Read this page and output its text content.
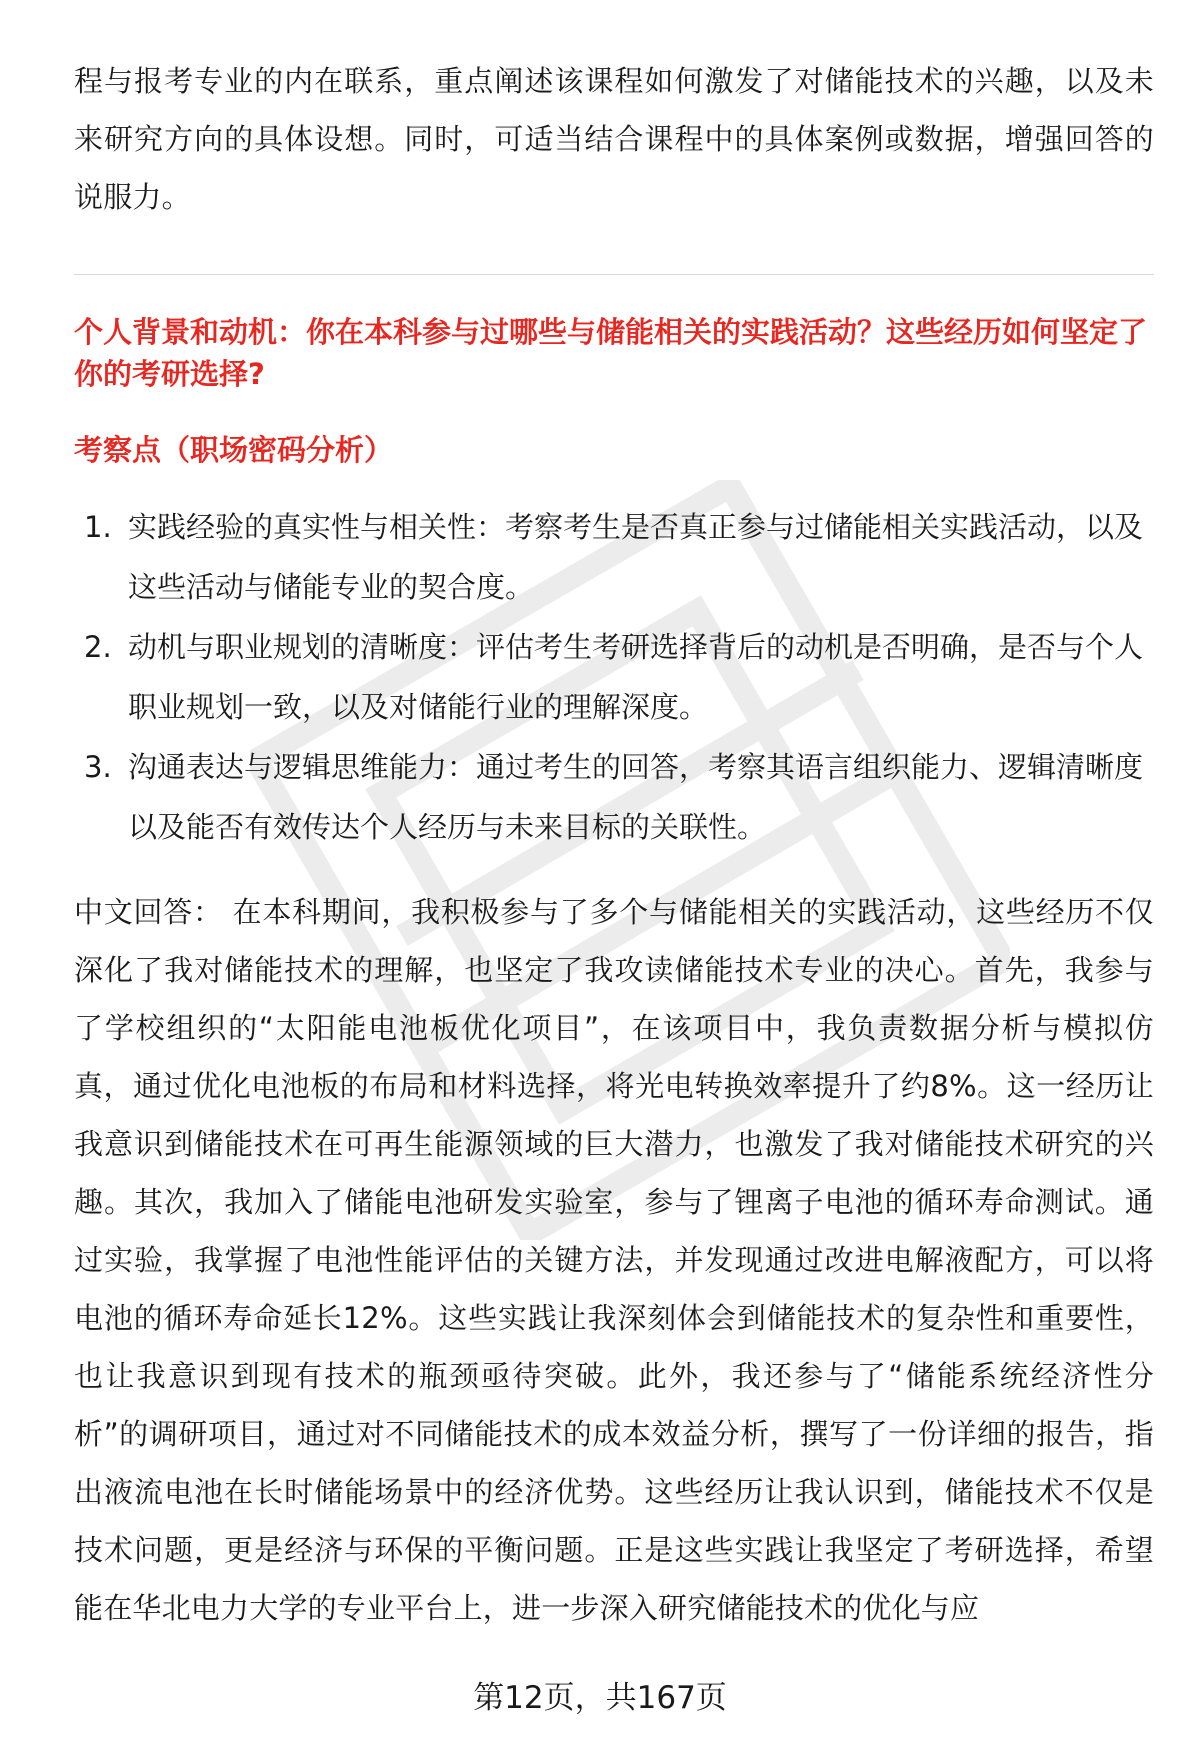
程与报考专业的内在联系，重点阐述该课程如何激发了对储能技术的兴趣，以及未来研究方向的具体设想。同时，可适当结合课程中的具体案例或数据，增强回答的说服力。

个人背景和动机：你在本科参与过哪些与储能相关的实践活动？这些经历如何坚定了你的考研选择?

考察点（职场密码分析）

1. 实践经验的真实性与相关性：考察考生是否真正参与过储能相关实践活动，以及这些活动与储能专业的契合度。
2. 动机与职业规划的清晰度：评估考生考研选择背后的动机是否明确，是否与个人职业规划一致，以及对储能行业的理解深度。
3. 沟通表达与逻辑思维能力：通过考生的回答，考察其语言组织能力、逻辑清晰度以及能否有效传达个人经历与未来目标的关联性。

中文回答： 在本科期间，我积极参与了多个与储能相关的实践活动，这些经历不仅深化了我对储能技术的理解，也坚定了我攻读储能技术专业的决心。首先，我参与了学校组织的“太阳能电池板优化项目”，在该项目中，我负责数据分析与模拟仿真，通过优化电池板的布局和材料选择，将光电转换效率提升了约8%。这一经历让我意识到储能技术在可再生能源领域的巨大潜力，也激发了我对储能技术研究的兴趣。其次，我加入了储能电池研发实验室，参与了锂离子电池的循环寿命测试。通过实验，我掌握了电池性能评估的关键方法，并发现通过改进电解液配方，可以将电池的循环寿命延长12%。这些实践让我深刻体会到储能技术的复杂性和重要性，也让我意识到现有技术的瓶颈亟待突破。此外，我还参与了“储能系统经济性分析”的调研项目，通过对不同储能技术的成本效益分析，撰写了一份详细的报告，指出液流电池在长时储能场景中的经济优势。这些经历让我认识到，储能技术不仅是技术问题，更是经济与环保的平衡问题。正是这些实践让我坚定了考研选择，希望能在华北电力大学的专业平台上，进一步深入研究储能技术的优化与应

第12页，共167页
